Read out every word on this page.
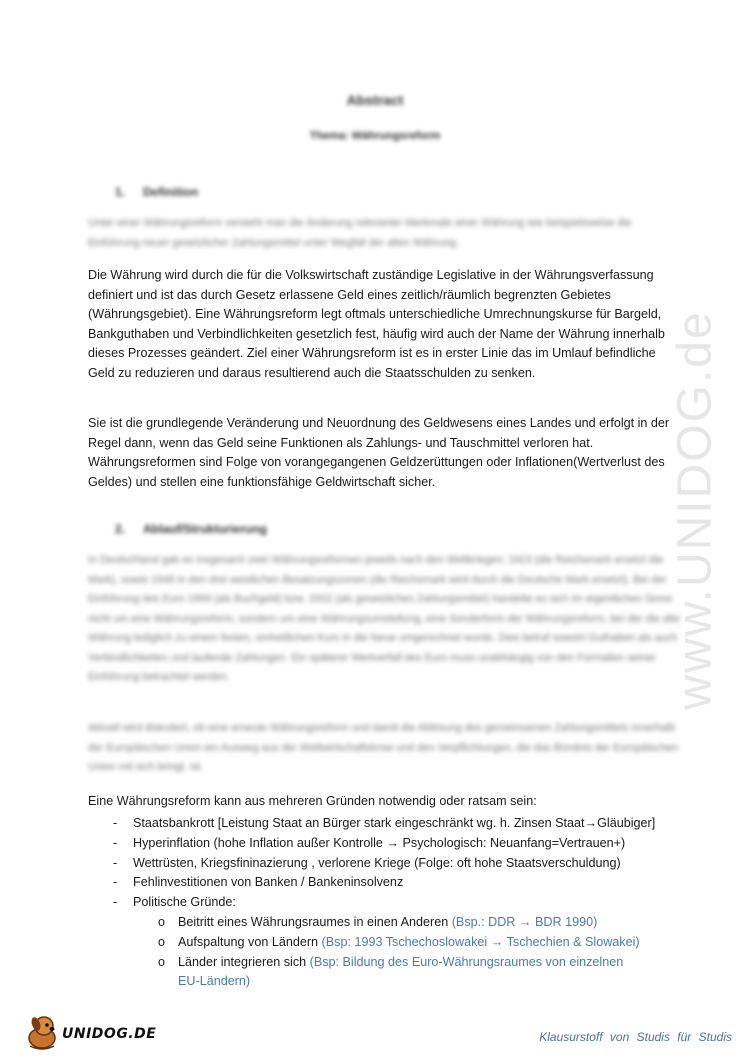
www.UNIDOG.de
Abstract
Thema: Währungsreform
1. Definition

Unter einer Währungsreform versteht man die Änderung relevanter Merkmale einer Währung wie beispielsweise die Einführung neuer gesetzlicher Zahlungsmittel unter Wegfall der alten Währung.

Die Währung wird durch die für die Volkswirtschaft zuständige Legislative in der Währungsverfassung definiert und ist das durch Gesetz erlassene Geld eines zeitlich/räumlich begrenzten Gebietes (Währungsgebiet). Eine Währungsreform legt oftmals unterschiedliche Umrechnungskurse für Bargeld, Bankguthaben und Verbindlichkeiten gesetzlich fest, häufig wird auch der Name der Währung innerhalb dieses Prozesses geändert. Ziel einer Währungsreform ist es in erster Linie das im Umlauf befindliche Geld zu reduzieren und daraus resultierend auch die Staatsschulden zu senken.

Sie ist die grundlegende Veränderung und Neuordnung des Geldwesens eines Landes und erfolgt in der Regel dann, wenn das Geld seine Funktionen als Zahlungs- und Tauschmittel verloren hat. Währungsreformen sind Folge von vorangegangenen Geldzerüttungen oder Inflationen(Wertverlust des Geldes) und stellen eine funktionsfähige Geldwirtschaft sicher.

2. Ablauf/Strukturierung

In Deutschland gab es insgesamt zwei Währungsreformen jeweils nach den Weltkriegen: 1923 (die Reichsmark ersetzt die Mark), sowie 1948 in den drei westlichen Besatzungszonen (die Reichsmark wird durch die Deutsche Mark ersetzt). Bei der Einführung des Euro 1999 (als Buchgeld) bzw. 2002 (als gesetzliches Zahlungsmittel) handelte es sich im eigentlichen Sinne nicht um eine Währungsreform, sondern um eine Währungsumstellung, eine Sonderform der Währungsreform, bei der die alte Währung lediglich zu einem festen, einheitlichen Kurs in die Neue umgerechnet wurde. Dies betraf sowohl Guthaben als auch Verbindlichkeiten und laufende Zahlungen. Ein späterer Wertverfall des Euro muss unabhängig von den Formalien seiner Einführung betrachtet werden.

Aktuell wird diskutiert, ob eine erneute Währungsreform und damit die Ablösung des gemeinsamen Zahlungsmittels innerhalb der Europäischen Union ein Ausweg aus der Weltwirtschaftskrise und den Verpflichtungen, die das Bündnis der Europäischen Union mit sich bringt, ist.

Eine Währungsreform kann aus mehreren Gründen notwendig oder ratsam sein:

- Staatsbankrott [Leistung Staat an Bürger stark eingeschränkt wg. h. Zinsen Staat→Gläubiger]
- Hyperinflation (hohe Inflation außer Kontrolle → Psychologisch: Neuanfang=Vertrauen+)
- Wettrüsten, Kriegsfininazierung , verlorene Kriege (Folge: oft hohe Staatsverschuldung)
- Fehlinvestitionen von Banken / Bankeninsolvenz
- Politische Gründe:
o Beitritt eines Währungsraumes in einen Anderen (Bsp.: DDR → BDR 1990)
o Aufspaltung von Ländern (Bsp: 1993 Tschechoslowakei → Tschechien & Slowakei)
o Länder integrieren sich (Bsp: Bildung des Euro-Währungsraumes von einzelnen EU-Ländern)
UNIDOG.DE	Klausurstoff von Studis für Studis
